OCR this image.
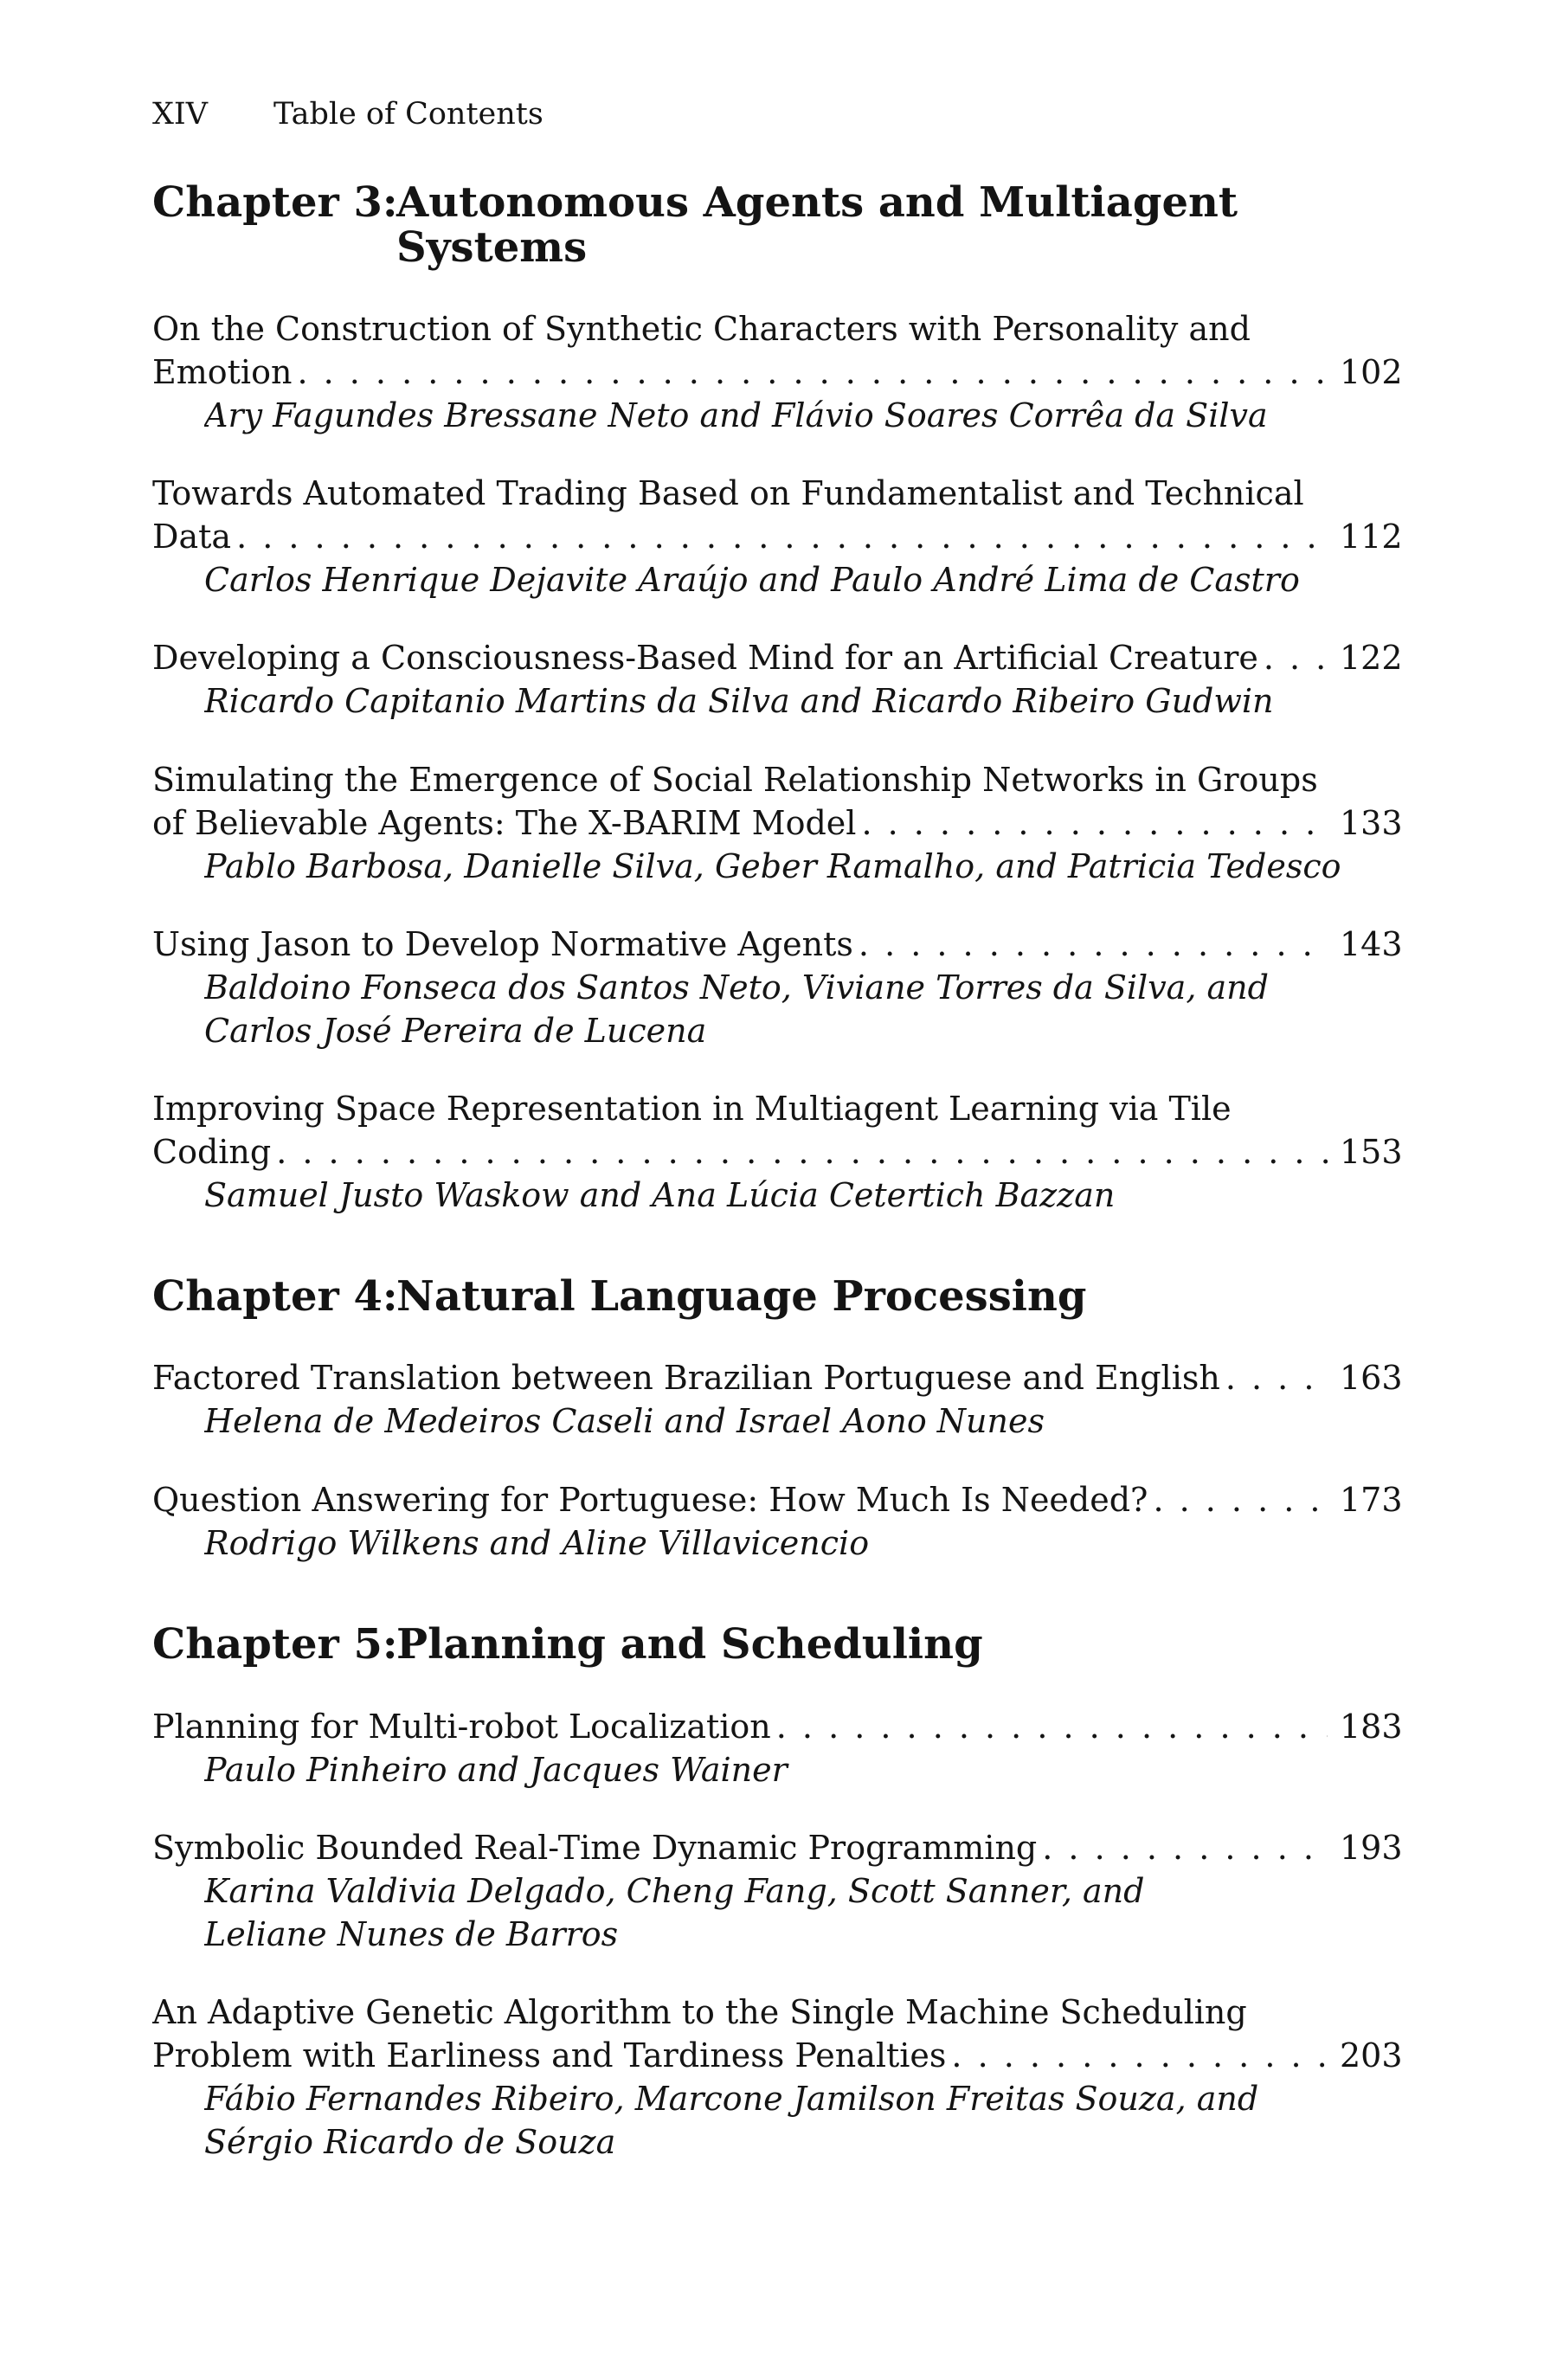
XIV Table of Contents
Chapter 3:
Autonomous Agents and Multiagent
Systems
On the Construction of Synthetic Characters with Personality and
Emotion . . .	102
Ary Fagundes Bressane Neto and Flávio Soares Corrêa da Silva
Towards Automated Trading Based on Fundamentalist and Technical
Data . . .	112
Carlos Henrique Dejavite Araújo and Paulo André Lima de Castro
Developing a Consciousness-Based Mind for an Artificial Creature . . . 122
Ricardo Capitanio Martins da Silva and Ricardo Ribeiro Gudwin
Simulating the Emergence of Social Relationship Networks in Groups
of Believable Agents: The X-BARIM Model . . .	133
Pablo Barbosa, Danielle Silva, Geber Ramalho, and Patricia Tedesco
Using Jason to Develop Normative Agents . . .	143
Baldoino Fonseca dos Santos Neto, Viviane Torres da Silva, and
Carlos José Pereira de Lucena
Improving Space Representation in Multiagent Learning via Tile
Coding . . .	153
Samuel Justo Waskow and Ana Lúcia Cetertich Bazzan
Chapter 4:
Natural Language Processing
Factored Translation between Brazilian Portuguese and English . . .	163
Helena de Medeiros Caseli and Israel Aono Nunes
Question Answering for Portuguese: How Much Is Needed? . . .	173
Rodrigo Wilkens and Aline Villavicencio
Chapter 5:
Planning and Scheduling
Planning for Multi-robot Localization . . .	183
Paulo Pinheiro and Jacques Wainer
Symbolic Bounded Real-Time Dynamic Programming . . .	193
Karina Valdivia Delgado, Cheng Fang, Scott Sanner, and
Leliane Nunes de Barros
An Adaptive Genetic Algorithm to the Single Machine Scheduling
Problem with Earliness and Tardiness Penalties . . .	203
Fábio Fernandes Ribeiro, Marcone Jamilson Freitas Souza, and
Sérgio Ricardo de Souza
